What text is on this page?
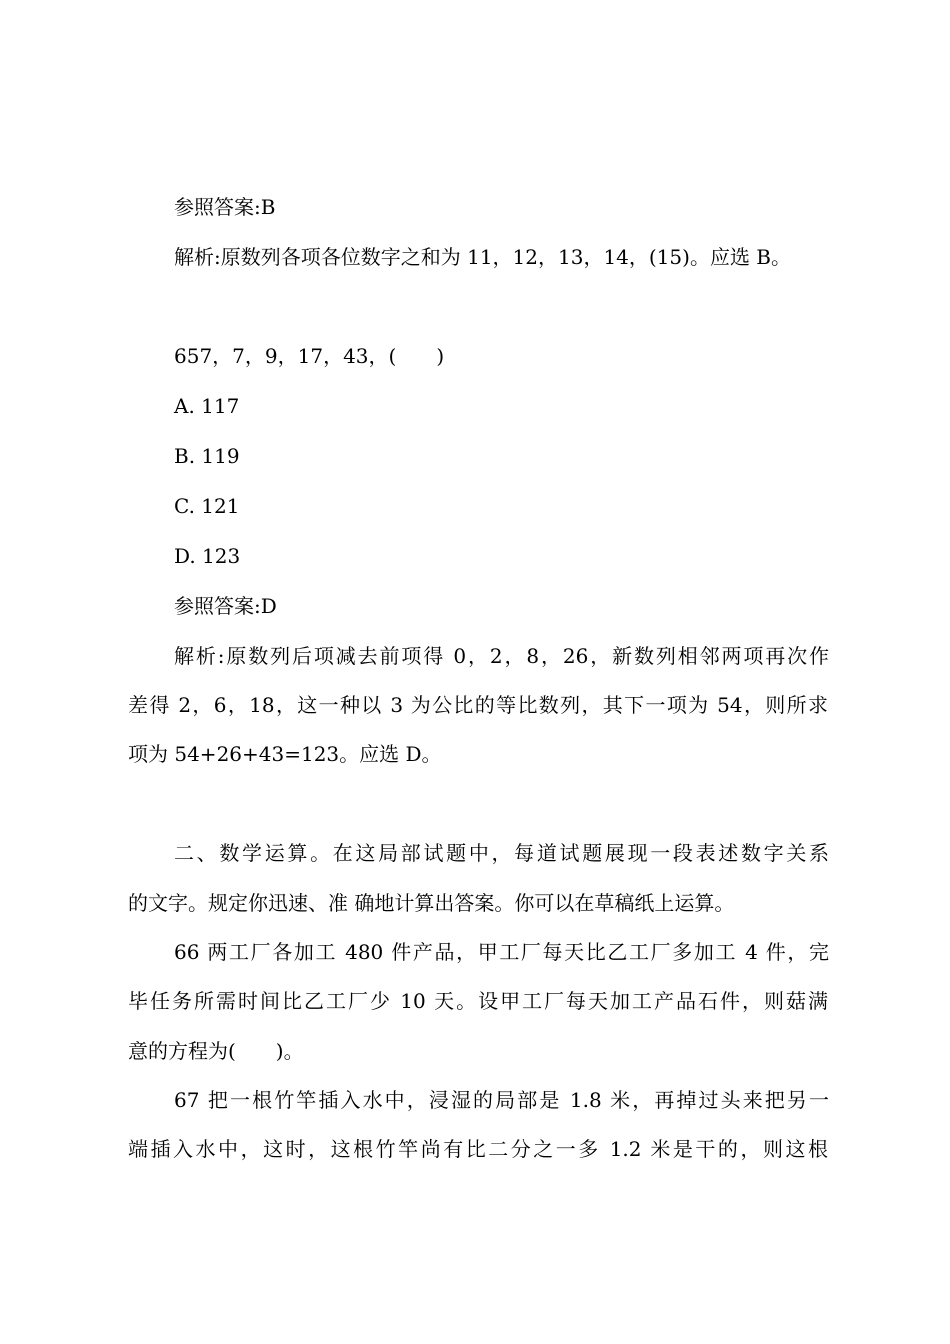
参照答案:B
解析:原数列各项各位数字之和为 11，12，13，14，(15)。应选 B。
657，7，9，17，43，(　　)
A. 117
B. 119
C. 121
D. 123
参照答案:D
解析:原数列后项减去前项得 0，2，8，26，新数列相邻两项再次作
差得 2，6，18，这一种以 3 为公比的等比数列，其下一项为 54，则所求
项为 54+26+43=123。应选 D。
二、数学运算。在这局部试题中，每道试题展现一段表述数字关系
的文字。规定你迅速、准 确地计算出答案。你可以在草稿纸上运算。
66 两工厂各加工 480 件产品，甲工厂每天比乙工厂多加工 4 件，完
毕任务所需时间比乙工厂少 10 天。设甲工厂每天加工产品石件，则菇满
意的方程为(　　)。
67 把一根竹竿插入水中，浸湿的局部是 1.8 米，再掉过头来把另一
端插入水中，这时，这根竹竿尚有比二分之一多 1.2 米是干的，则这根
